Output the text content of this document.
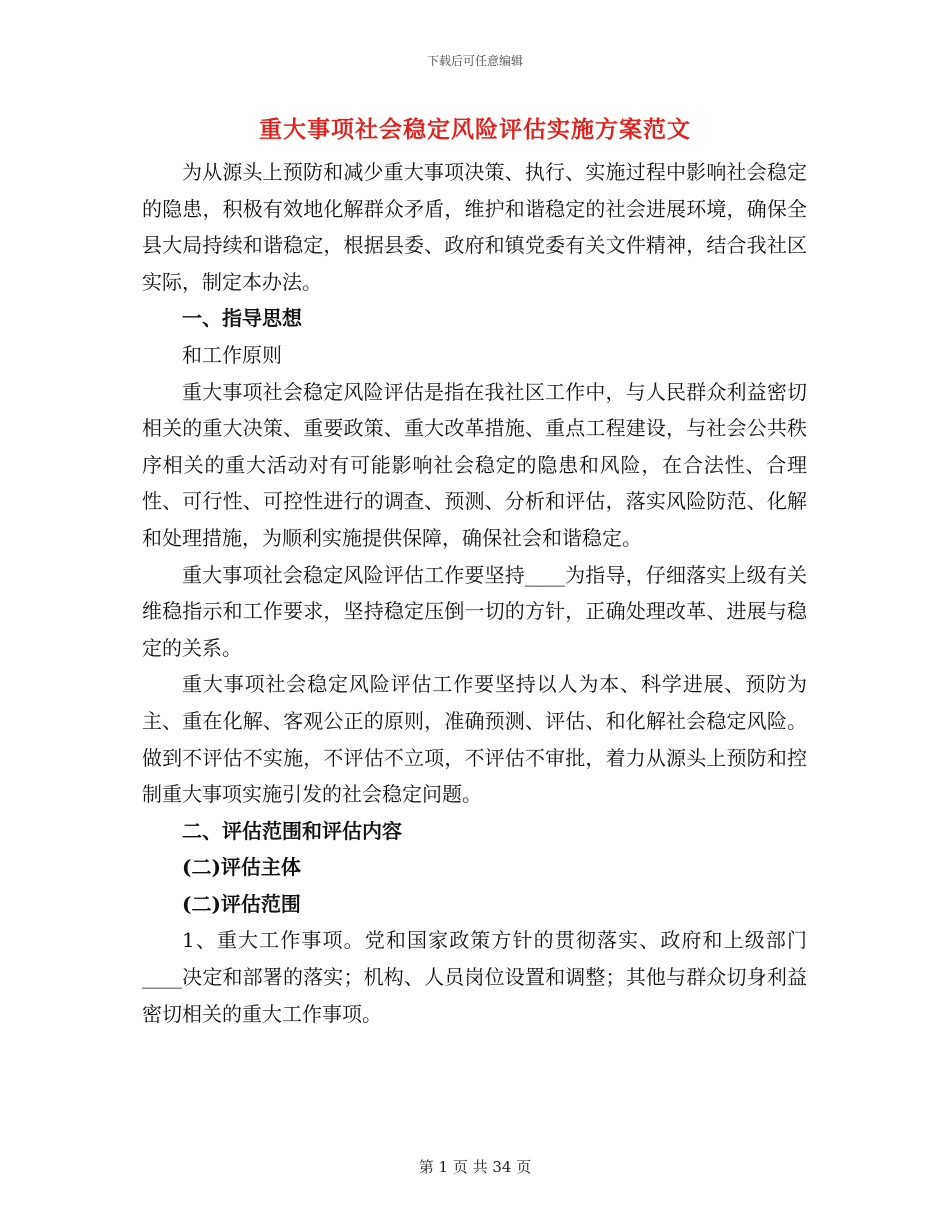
下载后可任意编辑
重大事项社会稳定风险评估实施方案范文

为从源头上预防和减少重大事项决策、执行、实施过程中影响社会稳定的隐患，积极有效地化解群众矛盾，维护和谐稳定的社会进展环境，确保全县大局持续和谐稳定，根据县委、政府和镇党委有关文件精神，结合我社区实际，制定本办法。

一、指导思想

和工作原则

重大事项社会稳定风险评估是指在我社区工作中，与人民群众利益密切相关的重大决策、重要政策、重大改革措施、重点工程建设，与社会公共秩序相关的重大活动对有可能影响社会稳定的隐患和风险，在合法性、合理性、可行性、可控性进行的调查、预测、分析和评估，落实风险防范、化解和处理措施，为顺利实施提供保障，确保社会和谐稳定。

重大事项社会稳定风险评估工作要坚持____为指导，仔细落实上级有关维稳指示和工作要求，坚持稳定压倒一切的方针，正确处理改革、进展与稳定的关系。

重大事项社会稳定风险评估工作要坚持以人为本、科学进展、预防为主、重在化解、客观公正的原则，准确预测、评估、和化解社会稳定风险。做到不评估不实施，不评估不立项，不评估不审批，着力从源头上预防和控制重大事项实施引发的社会稳定问题。

二、评估范围和评估内容

(二)评估主体

(二)评估范围

1、重大工作事项。党和国家政策方针的贯彻落实、政府和上级部门____决定和部署的落实；机构、人员岗位设置和调整；其他与群众切身利益密切相关的重大工作事项。

第 1 页 共 34 页
